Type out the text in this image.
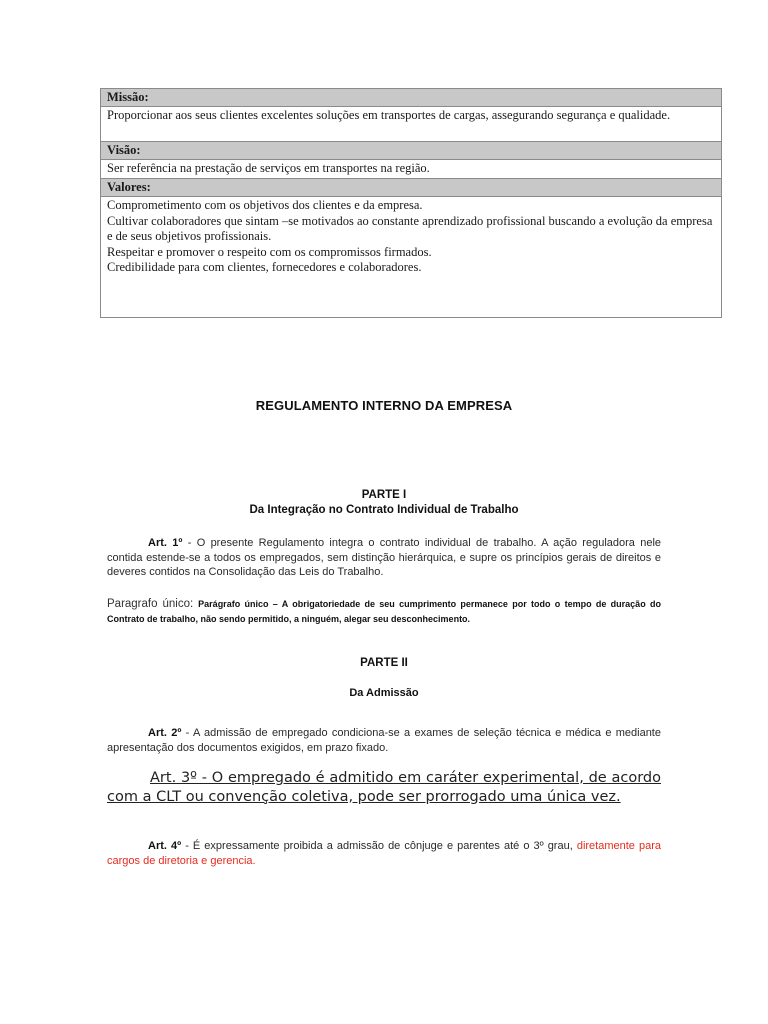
Missão:

Proporcionar aos seus clientes excelentes soluções em transportes de cargas, assegurando segurança e qualidade.

Visão:

Ser referência na prestação de serviços em transportes na região.

Valores:

Comprometimento com os objetivos dos clientes e da empresa.

Cultivar colaboradores que sintam –se motivados ao constante aprendizado profissional buscando a evolução da empresa e de seus objetivos profissionais.

Respeitar e promover o respeito com os compromissos firmados.

Credibilidade para com clientes, fornecedores e colaboradores.

REGULAMENTO INTERNO DA EMPRESA
PARTE I
Da Integração no Contrato Individual de Trabalho

Art. 1º - O presente Regulamento integra o contrato individual de trabalho. A ação reguladora nele contida estende-se a todos os empregados, sem distinção hierárquica, e supre os princípios gerais de direitos e deveres contidos na Consolidação das Leis do Trabalho.

Paragrafo único: Parágrafo único – A obrigatoriedade de seu cumprimento permanece por todo o tempo de duração do Contrato de trabalho, não sendo permitido, a ninguém, alegar seu desconhecimento.

PARTE II
Da Admissão

Art. 2º - A admissão de empregado condiciona-se a exames de seleção técnica e médica e mediante apresentação dos documentos exigidos, em prazo fixado.

Art. 3º - O empregado é admitido em caráter experimental, de acordo com a CLT ou convenção coletiva, pode ser prorrogado uma única vez.

Art. 4º - É expressamente proibida a admissão de cônjuge e parentes até o 3º grau, diretamente para cargos de diretoria e gerencia.
